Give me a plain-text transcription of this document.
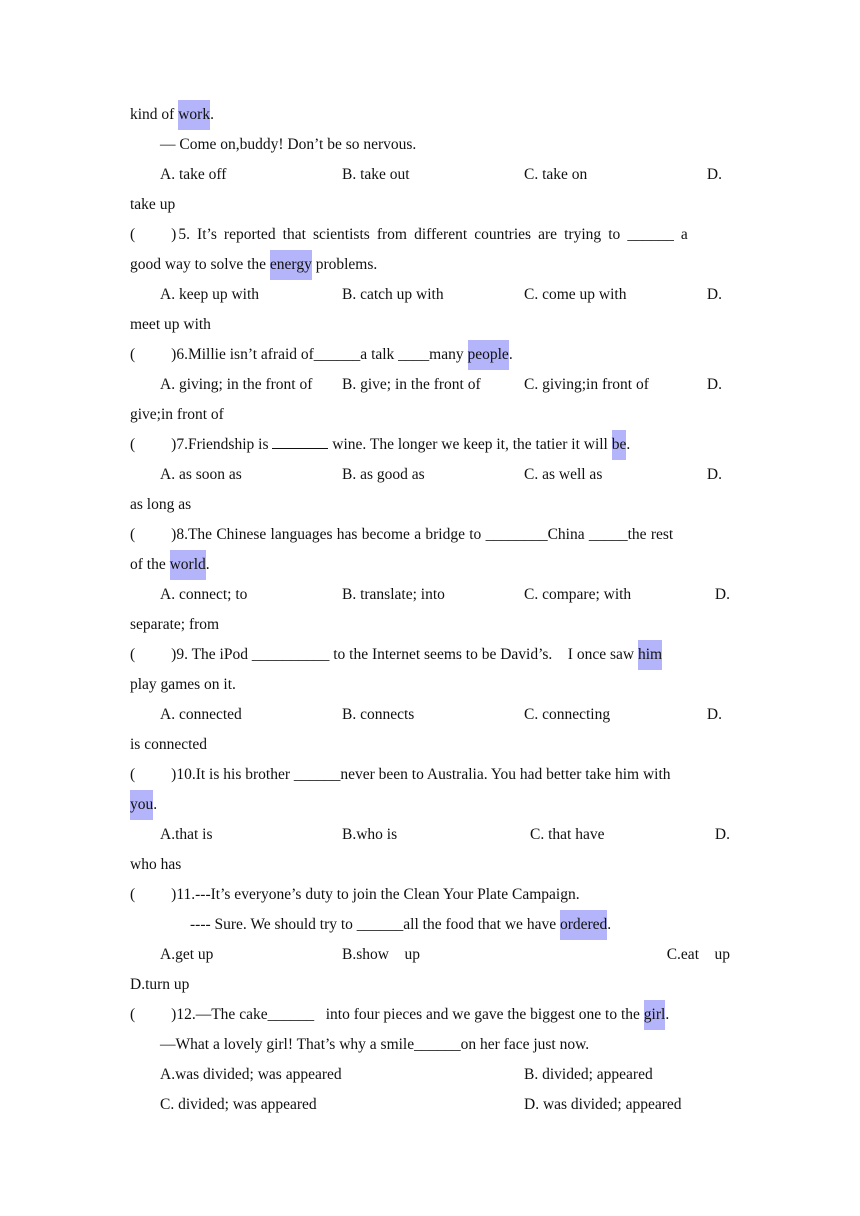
kind of work.
— Come on,buddy! Don’t be so nervous.
A. take off	B. take out	C. take on	D.
take up
( ) 5. It’s reported that scientists from different countries are trying to ______ a
good way to solve the energy problems.
A. keep up with	B. catch up with	C. come up with	D.
meet up with
( )6.Millie isn’t afraid of______a talk ____many people.
A. giving; in the front of B. give; in the front of	C. giving;in front of	D.
give;in front of
( )7.Friendship is	wine. The longer we keep it, the tatier it will be.
A. as soon as	B. as good as	C. as well as	D.
as long as
( )8.The Chinese languages has become a bridge to ________China _____the rest
of the world.
A. connect; to	B. translate; into	C. compare; with	D.
separate; from
( )9. The iPod __________ to the Internet seems to be David’s.    I once saw him
play games on it.
A. connected	B. connects	C. connecting	D.
is connected
( )10.It is his brother ______never been to Australia. You had better take him with
you.
A.that is	B.who is	C. that have	D.
who has
( )11.---It’s everyone’s duty to join the Clean Your Plate Campaign.
---- Sure. We should try to ______all the food that we have ordered.
A.get up	B.show    up	C.eat    up
D.turn up
( )12.—The cake______   into four pieces and we gave the biggest one to the girl.
—What a lovely girl! That’s why a smile______on her face just now.
A.was divided; was appeared	B. divided; appeared
C. divided; was appeared	D. was divided; appeared
